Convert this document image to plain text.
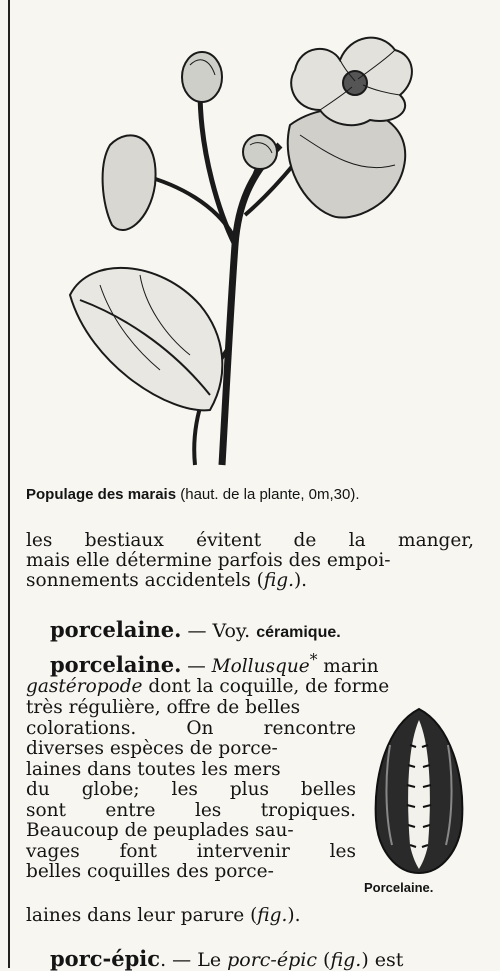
Populage des marais (haut. de la plante, 0m,30).
les bestiaux évitent de la manger,
mais elle détermine parfois des empoi-
sonnements accidentels (fig.).
porcelaine. — Voy. céramique.
porcelaine. — Mollusque* marin
gastéropode dont la coquille, de forme
très régulière, offre de belles
colorations. On rencontre
diverses espèces de porce-
laines dans toutes les mers
du globe; les plus belles
sont entre les tropiques.
Beaucoup de peuplades sau-
vages font intervenir les
belles coquilles des porce-
Porcelaine.
laines dans leur parure (fig.).
porc-épic. — Le porc-épic (fig.) est
